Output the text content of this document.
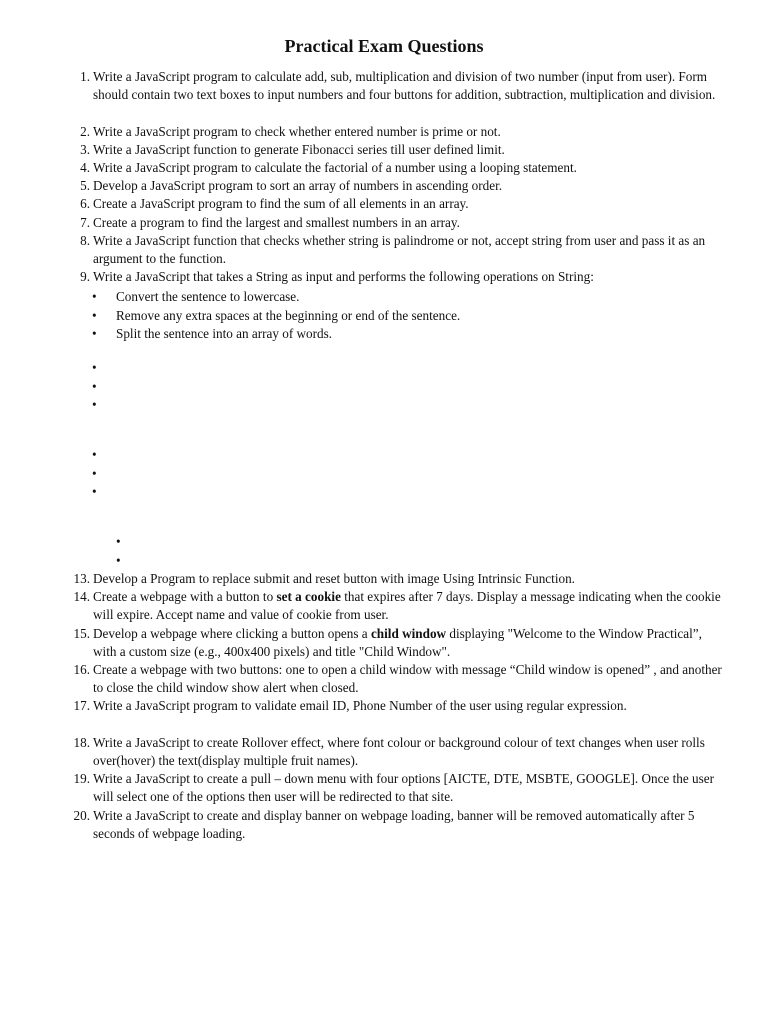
Practical Exam Questions
1. Write a JavaScript program to calculate add, sub, multiplication and division of two number (input from user). Form should contain two text boxes to input numbers and four buttons for addition, subtraction, multiplication and division.
2. Write a JavaScript program to check whether entered number is prime or not.
3. Write a JavaScript function to generate Fibonacci series till user defined limit.
4. Write a JavaScript program to calculate the factorial of a number using a looping statement.
5. Develop a JavaScript program to sort an array of numbers in ascending order.
6. Create a JavaScript program to find the sum of all elements in an array.
7. Create a program to find the largest and smallest numbers in an array.
8. Write a JavaScript function that checks whether string is palindrome or not, accept string from user and pass it as an argument to the function.
9. Write a JavaScript that takes a String as input and performs the following operations on String:
• Convert the sentence to lowercase.
• Remove any extra spaces at the beginning or end of the sentence.
• Split the sentence into an array of words.
•
•
•
•
•
•
•
•
13. Develop a Program to replace submit and reset button with image Using Intrinsic Function.
14. Create a webpage with a button to set a cookie that expires after 7 days. Display a message indicating when the cookie will expire. Accept name and value of cookie from user.
15. Develop a webpage where clicking a button opens a child window displaying "Welcome to the Window Practical”, with a custom size (e.g., 400x400 pixels) and title "Child Window".
16. Create a webpage with two buttons: one to open a child window with message “Child window is opened” , and another to close the child window show alert when closed.
17. Write a JavaScript program to validate email ID, Phone Number of the user using regular expression.
18. Write a JavaScript to create Rollover effect, where font colour or background colour of text changes when user rolls over(hover) the text(display multiple fruit names).
19. Write a JavaScript to create a pull – down menu with four options [AICTE, DTE, MSBTE, GOOGLE]. Once the user will select one of the options then user will be redirected to that site.
20. Write a JavaScript to create and display banner on webpage loading, banner will be removed automatically after 5 seconds of webpage loading.
